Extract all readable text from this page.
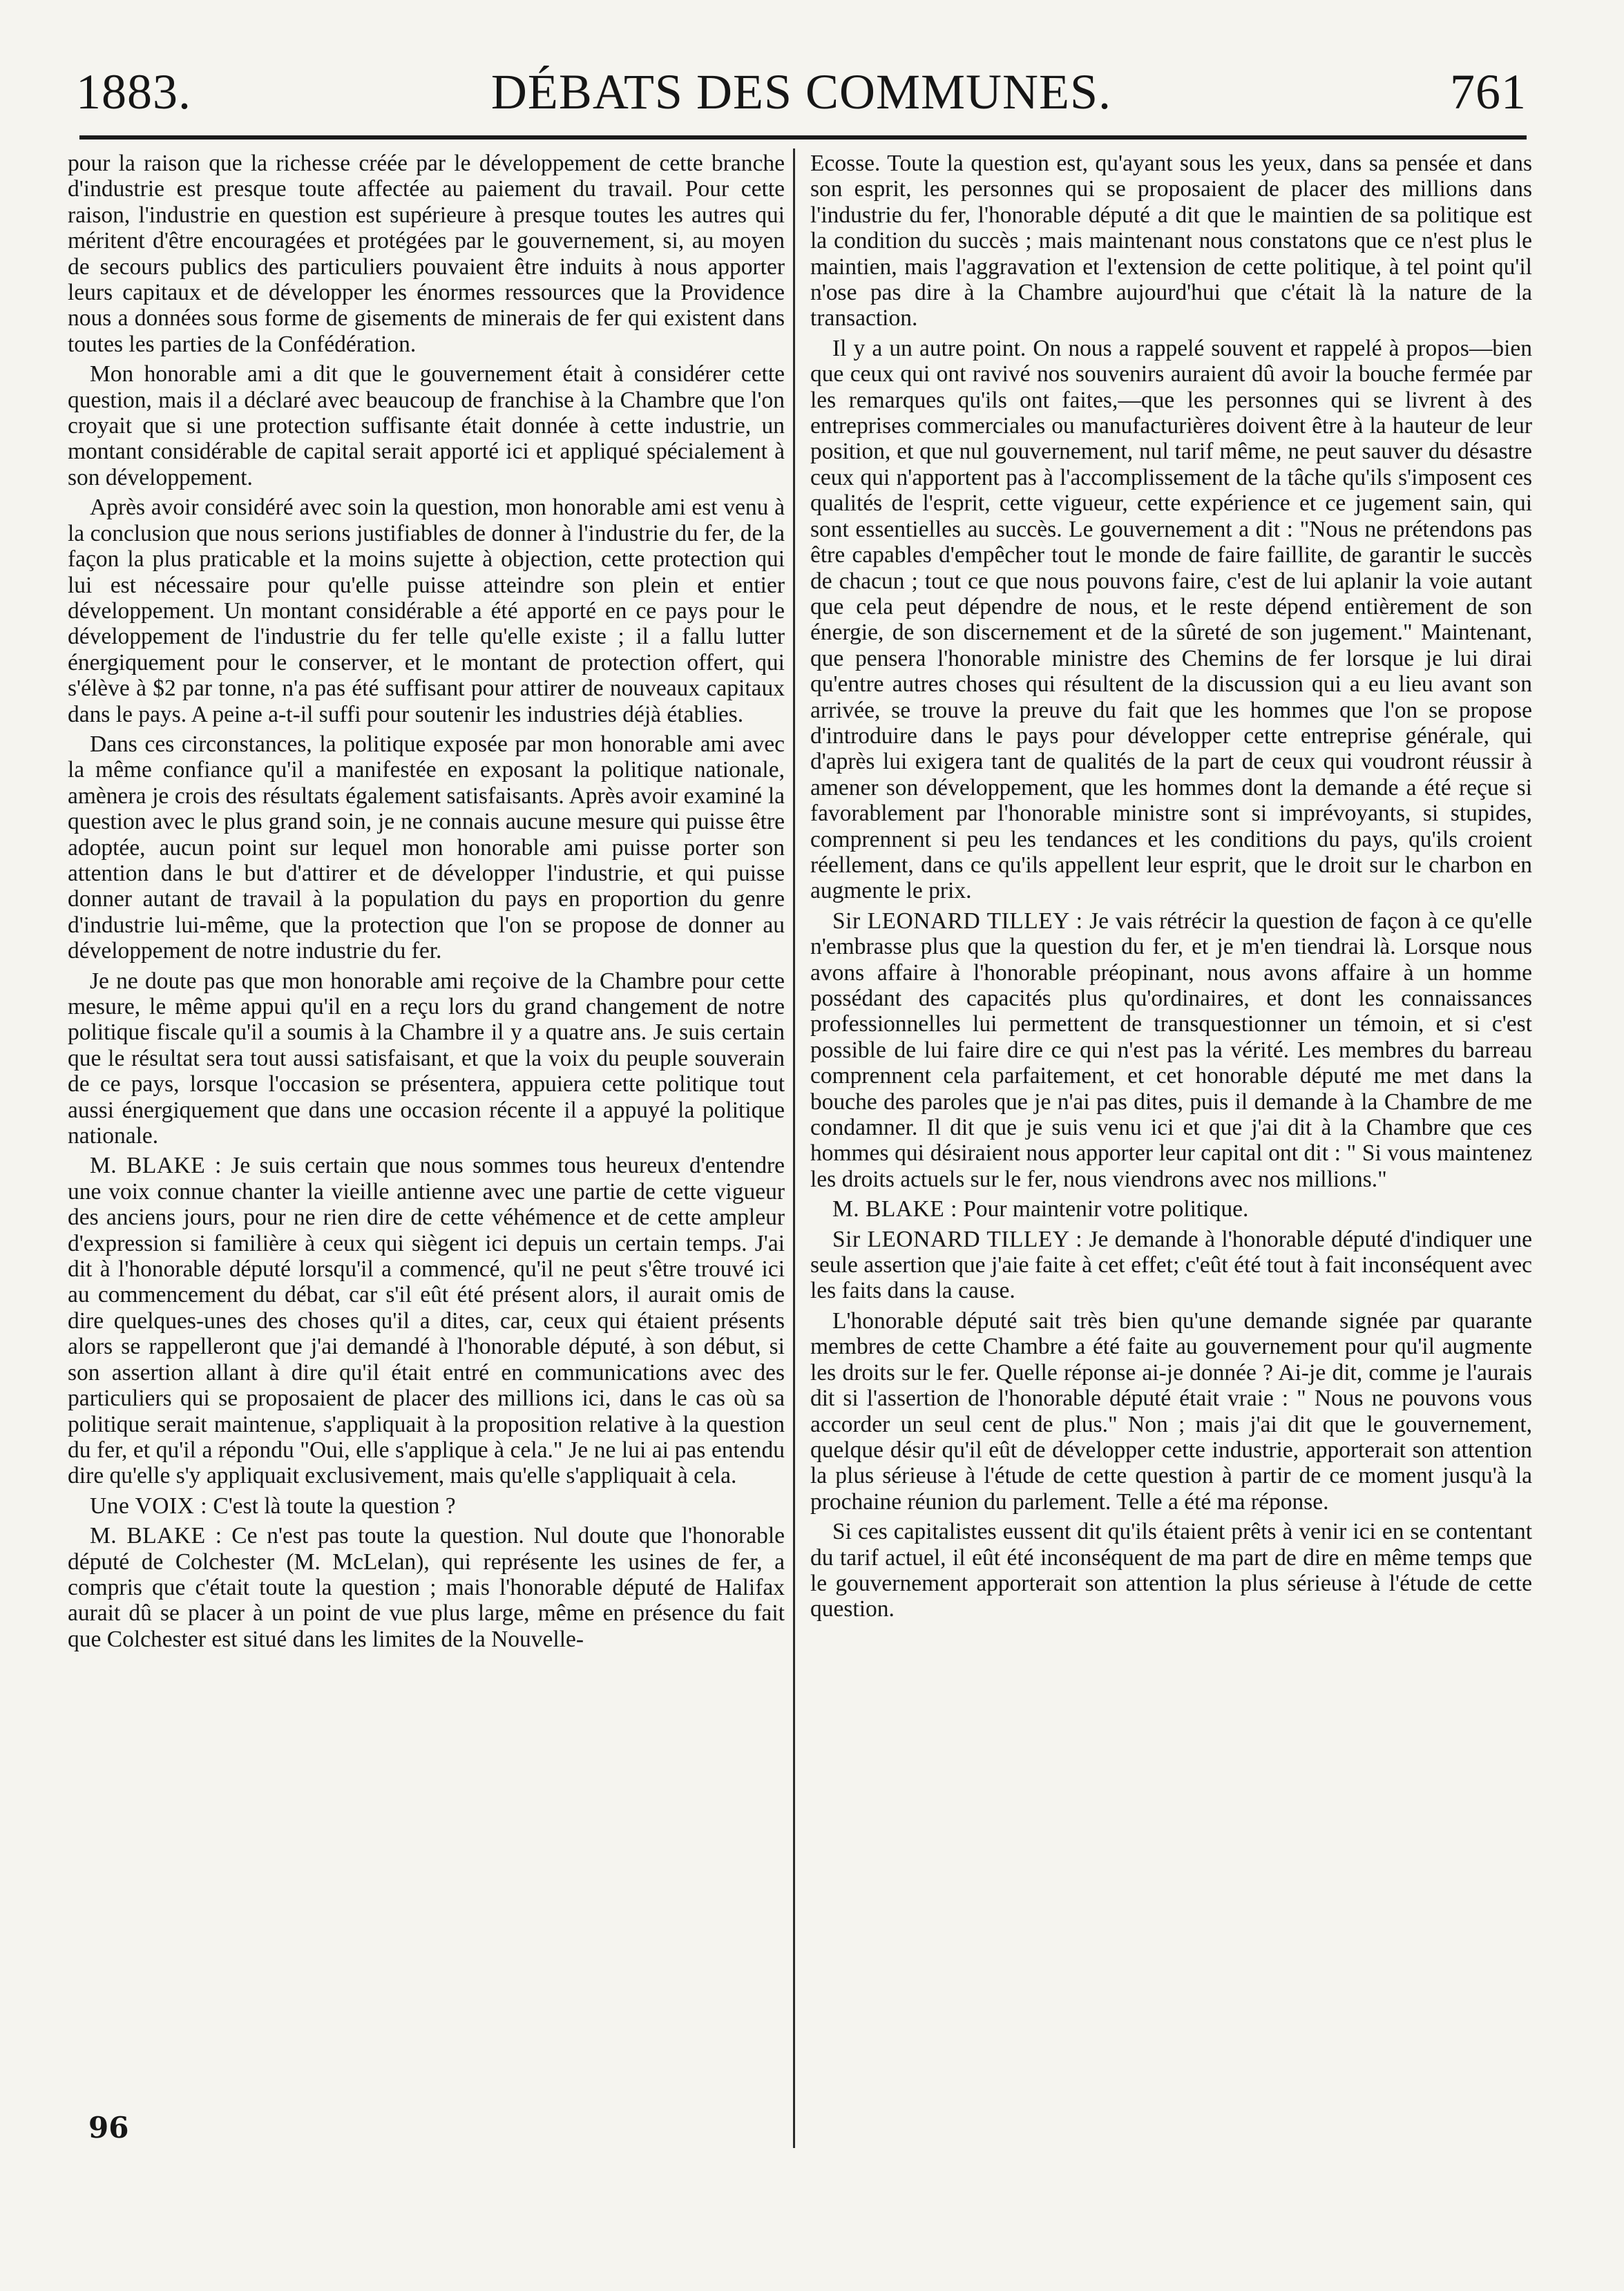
DÉBATS DES COMMUNES.
1883.	761

pour la raison que la richesse créée par le développement de cette branche d'industrie est presque toute affectée au paiement du travail. Pour cette raison, l'industrie en question est supérieure à presque toutes les autres qui méritent d'être encouragées et protégées par le gouvernement, si, au moyen de secours publics des particuliers pouvaient être induits à nous apporter leurs capitaux et de développer les énormes ressources que la Providence nous a données sous forme de gisements de minerais de fer qui existent dans toutes les parties de la Confédération.

Mon honorable ami a dit que le gouvernement était à considérer cette question, mais il a déclaré avec beaucoup de franchise à la Chambre que l'on croyait que si une protection suffisante était donnée à cette industrie, un montant considérable de capital serait apporté ici et appliqué spécialement à son développement.

Après avoir considéré avec soin la question, mon honorable ami est venu à la conclusion que nous serions justifiables de donner à l'industrie du fer, de la façon la plus praticable et la moins sujette à objection, cette protection qui lui est nécessaire pour qu'elle puisse atteindre son plein et entier développement. Un montant considérable a été apporté en ce pays pour le développement de l'industrie du fer telle qu'elle existe ; il a fallu lutter énergiquement pour le conserver, et le montant de protection offert, qui s'élève à $2 par tonne, n'a pas été suffisant pour attirer de nouveaux capitaux dans le pays. A peine a-t-il suffi pour soutenir les industries déjà établies.

Dans ces circonstances, la politique exposée par mon honorable ami avec la même confiance qu'il a manifestée en exposant la politique nationale, amènera je crois des résultats également satisfaisants. Après avoir examiné la question avec le plus grand soin, je ne connais aucune mesure qui puisse être adoptée, aucun point sur lequel mon honorable ami puisse porter son attention dans le but d'attirer et de développer l'industrie, et qui puisse donner autant de travail à la population du pays en proportion du genre d'industrie lui-même, que la protection que l'on se propose de donner au développement de notre industrie du fer.

Je ne doute pas que mon honorable ami reçoive de la Chambre pour cette mesure, le même appui qu'il en a reçu lors du grand changement de notre politique fiscale qu'il a soumis à la Chambre il y a quatre ans. Je suis certain que le résultat sera tout aussi satisfaisant, et que la voix du peuple souverain de ce pays, lorsque l'occasion se présentera, appuiera cette politique tout aussi énergiquement que dans une occasion récente il a appuyé la politique nationale.

M. BLAKE : Je suis certain que nous sommes tous heureux d'entendre une voix connue chanter la vieille antienne avec une partie de cette vigueur des anciens jours, pour ne rien dire de cette véhémence et de cette ampleur d'expression si familière à ceux qui siègent ici depuis un certain temps. J'ai dit à l'honorable député lorsqu'il a commencé, qu'il ne peut s'être trouvé ici au commencement du débat, car s'il eût été présent alors, il aurait omis de dire quelques-unes des choses qu'il a dites, car, ceux qui étaient présents alors se rappelleront que j'ai demandé à l'honorable député, à son début, si son assertion allant à dire qu'il était entré en communications avec des particuliers qui se proposaient de placer des millions ici, dans le cas où sa politique serait maintenue, s'appliquait à la proposition relative à la question du fer, et qu'il a répondu "Oui, elle s'applique à cela." Je ne lui ai pas entendu dire qu'elle s'y appliquait exclusivement, mais qu'elle s'appliquait à cela.

Une VOIX : C'est là toute la question ?

M. BLAKE : Ce n'est pas toute la question. Nul doute que l'honorable député de Colchester (M. McLelan), qui représente les usines de fer, a compris que c'était toute la question ; mais l'honorable député de Halifax aurait dû se placer à un point de vue plus large, même en présence du fait que Colchester est situé dans les limites de la Nouvelle-

Ecosse. Toute la question est, qu'ayant sous les yeux, dans sa pensée et dans son esprit, les personnes qui se proposaient de placer des millions dans l'industrie du fer, l'honorable député a dit que le maintien de sa politique est la condition du succès ; mais maintenant nous constatons que ce n'est plus le maintien, mais l'aggravation et l'extension de cette politique, à tel point qu'il n'ose pas dire à la Chambre aujourd'hui que c'était là la nature de la transaction.

Il y a un autre point. On nous a rappelé souvent et rappelé à propos—bien que ceux qui ont ravivé nos souvenirs auraient dû avoir la bouche fermée par les remarques qu'ils ont faites,—que les personnes qui se livrent à des entreprises commerciales ou manufacturières doivent être à la hauteur de leur position, et que nul gouvernement, nul tarif même, ne peut sauver du désastre ceux qui n'apportent pas à l'accomplissement de la tâche qu'ils s'imposent ces qualités de l'esprit, cette vigueur, cette expérience et ce jugement sain, qui sont essentielles au succès. Le gouvernement a dit : "Nous ne prétendons pas être capables d'empêcher tout le monde de faire faillite, de garantir le succès de chacun ; tout ce que nous pouvons faire, c'est de lui aplanir la voie autant que cela peut dépendre de nous, et le reste dépend entièrement de son énergie, de son discernement et de la sûreté de son jugement." Maintenant, que pensera l'honorable ministre des Chemins de fer lorsque je lui dirai qu'entre autres choses qui résultent de la discussion qui a eu lieu avant son arrivée, se trouve la preuve du fait que les hommes que l'on se propose d'introduire dans le pays pour développer cette entreprise générale, qui d'après lui exigera tant de qualités de la part de ceux qui voudront réussir à amener son développement, que les hommes dont la demande a été reçue si favorablement par l'honorable ministre sont si imprévoyants, si stupides, comprennent si peu les tendances et les conditions du pays, qu'ils croient réellement, dans ce qu'ils appellent leur esprit, que le droit sur le charbon en augmente le prix.

Sir LEONARD TILLEY : Je vais rétrécir la question de façon à ce qu'elle n'embrasse plus que la question du fer, et je m'en tiendrai là. Lorsque nous avons affaire à l'honorable préopinant, nous avons affaire à un homme possédant des capacités plus qu'ordinaires, et dont les connaissances professionnelles lui permettent de transquestionner un témoin, et si c'est possible de lui faire dire ce qui n'est pas la vérité. Les membres du barreau comprennent cela parfaitement, et cet honorable député me met dans la bouche des paroles que je n'ai pas dites, puis il demande à la Chambre de me condamner. Il dit que je suis venu ici et que j'ai dit à la Chambre que ces hommes qui désiraient nous apporter leur capital ont dit : " Si vous maintenez les droits actuels sur le fer, nous viendrons avec nos millions."

M. BLAKE : Pour maintenir votre politique.

Sir LEONARD TILLEY : Je demande à l'honorable député d'indiquer une seule assertion que j'aie faite à cet effet; c'eût été tout à fait inconséquent avec les faits dans la cause.

L'honorable député sait très bien qu'une demande signée par quarante membres de cette Chambre a été faite au gouvernement pour qu'il augmente les droits sur le fer. Quelle réponse ai-je donnée ? Ai-je dit, comme je l'aurais dit si l'assertion de l'honorable député était vraie : " Nous ne pouvons vous accorder un seul cent de plus." Non ; mais j'ai dit que le gouvernement, quelque désir qu'il eût de développer cette industrie, apporterait son attention la plus sérieuse à l'étude de cette question à partir de ce moment jusqu'à la prochaine réunion du parlement. Telle a été ma réponse.

Si ces capitalistes eussent dit qu'ils étaient prêts à venir ici en se contentant du tarif actuel, il eût été inconséquent de ma part de dire en même temps que le gouvernement apporterait son attention la plus sérieuse à l'étude de cette question.

96
